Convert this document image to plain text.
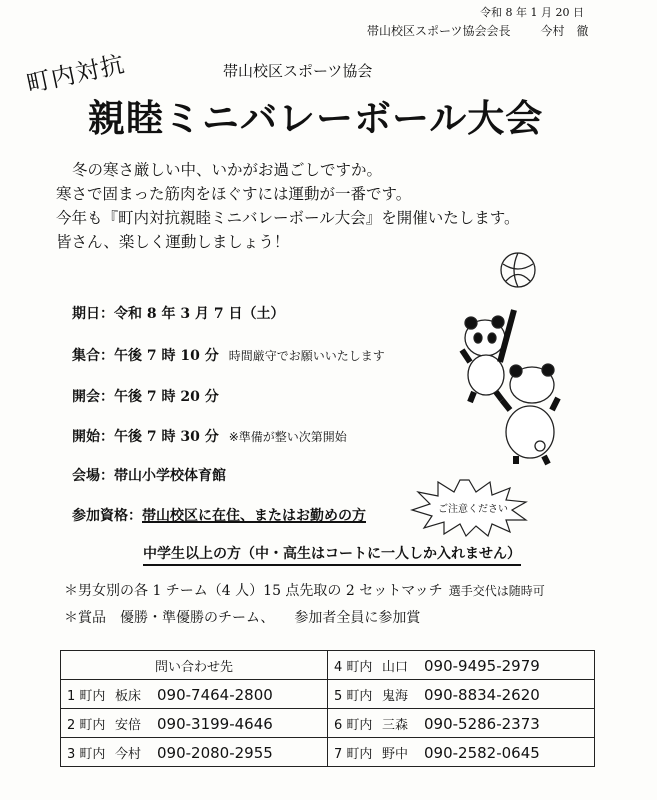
令和 8 年 1 月 20 日
帯山校区スポーツ協会会長	今村　徹
町内対抗	帯山校区スポーツ協会
親睦ミニバレーボール大会
冬の寒さ厳しい中、いかがお過ごしですか。
寒さで固まった筋肉をほぐすには運動が一番です。
今年も『町内対抗親睦ミニバレーボール大会』を開催いたします。
皆さん、楽しく運動しましょう！
期日：令和 8 年 3 月 7 日（土）
集合：午後 7 時 10 分 時間厳守でお願いいたします
開会：午後 7 時 20 分
開始：午後 7 時 30 分 ※準備が整い次第開始
会場：帯山小学校体育館
参加資格：帯山校区に在住、またはお勤めの方
中学生以上の方（中・高生はコートに一人しか入れません）
ご注意ください
＊男女別の各 1 チーム（4 人）15 点先取の 2 セットマッチ 選手交代は随時可
＊賞品　優勝・準優勝のチーム、 参加者全員に参加賞
問い合わせ先	4 町内 山口 090-9495-2979
1 町内 板床 090-7464-2800	5 町内 鬼海 090-8834-2620
2 町内 安倍 090-3199-4646	6 町内 三森 090-5286-2373
3 町内 今村 090-2080-2955	7 町内 野中 090-2582-0645
